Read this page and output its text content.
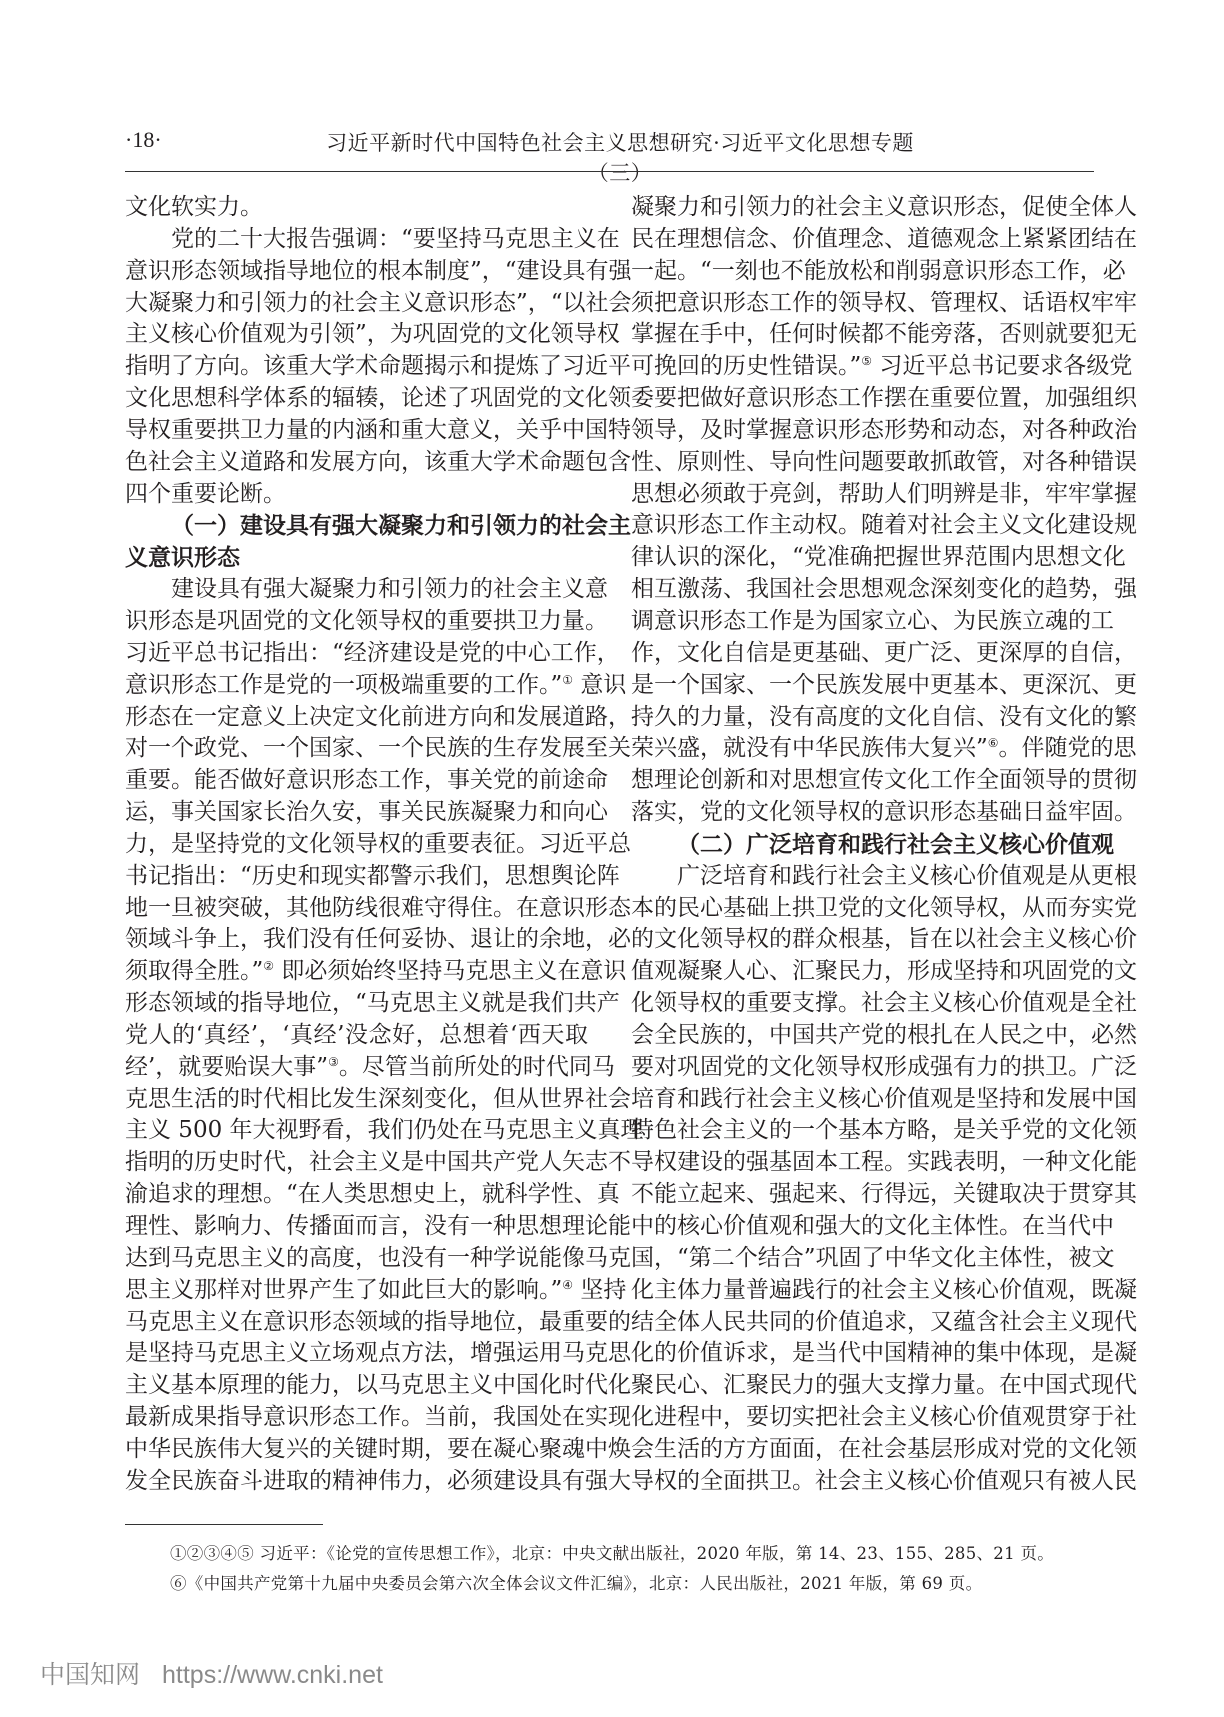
·18·	习近平新时代中国特色社会主义思想研究·习近平文化思想专题（三）
文化软实力。
党的二十大报告强调：“要坚持马克思主义在
意识形态领域指导地位的根本制度”，“建设具有强
大凝聚力和引领力的社会主义意识形态”，“以社会
主义核心价值观为引领”，为巩固党的文化领导权
指明了方向。该重大学术命题揭示和提炼了习近平
文化思想科学体系的辐辏，论述了巩固党的文化领
导权重要拱卫力量的内涵和重大意义，关乎中国特
色社会主义道路和发展方向，该重大学术命题包含
四个重要论断。
（一）建设具有强大凝聚力和引领力的社会主
义意识形态
建设具有强大凝聚力和引领力的社会主义意
识形态是巩固党的文化领导权的重要拱卫力量。
习近平总书记指出：“经济建设是党的中心工作，
意识形态工作是党的一项极端重要的工作。”① 意识
形态在一定意义上决定文化前进方向和发展道路，
对一个政党、一个国家、一个民族的生存发展至关
重要。能否做好意识形态工作，事关党的前途命
运，事关国家长治久安，事关民族凝聚力和向心
力，是坚持党的文化领导权的重要表征。习近平总
书记指出：“历史和现实都警示我们，思想舆论阵
地一旦被突破，其他防线很难守得住。在意识形态
领域斗争上，我们没有任何妥协、退让的余地，必
须取得全胜。”② 即必须始终坚持马克思主义在意识
形态领域的指导地位，“马克思主义就是我们共产
党人的‘真经’，‘真经’没念好，总想着‘西天取
经’，就要贻误大事”③。尽管当前所处的时代同马
克思生活的时代相比发生深刻变化，但从世界社会
主义 500 年大视野看，我们仍处在马克思主义真理
指明的历史时代，社会主义是中国共产党人矢志不
渝追求的理想。“在人类思想史上，就科学性、真
理性、影响力、传播面而言，没有一种思想理论能
达到马克思主义的高度，也没有一种学说能像马克
思主义那样对世界产生了如此巨大的影响。”④ 坚持
马克思主义在意识形态领域的指导地位，最重要的
是坚持马克思主义立场观点方法，增强运用马克思
主义基本原理的能力，以马克思主义中国化时代化
最新成果指导意识形态工作。当前，我国处在实现
中华民族伟大复兴的关键时期，要在凝心聚魂中焕
发全民族奋斗进取的精神伟力，必须建设具有强大
凝聚力和引领力的社会主义意识形态，促使全体人
民在理想信念、价值理念、道德观念上紧紧团结在
一起。“一刻也不能放松和削弱意识形态工作，必
须把意识形态工作的领导权、管理权、话语权牢牢
掌握在手中，任何时候都不能旁落，否则就要犯无
可挽回的历史性错误。”⑤ 习近平总书记要求各级党
委要把做好意识形态工作摆在重要位置，加强组织
领导，及时掌握意识形态形势和动态，对各种政治
性、原则性、导向性问题要敢抓敢管，对各种错误
思想必须敢于亮剑，帮助人们明辨是非，牢牢掌握
意识形态工作主动权。随着对社会主义文化建设规
律认识的深化，“党准确把握世界范围内思想文化
相互激荡、我国社会思想观念深刻变化的趋势，强
调意识形态工作是为国家立心、为民族立魂的工
作，文化自信是更基础、更广泛、更深厚的自信，
是一个国家、一个民族发展中更基本、更深沉、更
持久的力量，没有高度的文化自信、没有文化的繁
荣兴盛，就没有中华民族伟大复兴”⑥。伴随党的思
想理论创新和对思想宣传文化工作全面领导的贯彻
落实，党的文化领导权的意识形态基础日益牢固。
（二）广泛培育和践行社会主义核心价值观
广泛培育和践行社会主义核心价值观是从更根
本的民心基础上拱卫党的文化领导权，从而夯实党
的文化领导权的群众根基，旨在以社会主义核心价
值观凝聚人心、汇聚民力，形成坚持和巩固党的文
化领导权的重要支撑。社会主义核心价值观是全社
会全民族的，中国共产党的根扎在人民之中，必然
要对巩固党的文化领导权形成强有力的拱卫。广泛
培育和践行社会主义核心价值观是坚持和发展中国
特色社会主义的一个基本方略，是关乎党的文化领
导权建设的强基固本工程。实践表明，一种文化能
不能立起来、强起来、行得远，关键取决于贯穿其
中的核心价值观和强大的文化主体性。在当代中
国，“第二个结合”巩固了中华文化主体性，被文
化主体力量普遍践行的社会主义核心价值观，既凝
结全体人民共同的价值追求，又蕴含社会主义现代
化的价值诉求，是当代中国精神的集中体现，是凝
聚民心、汇聚民力的强大支撑力量。在中国式现代
化进程中，要切实把社会主义核心价值观贯穿于社
会生活的方方面面，在社会基层形成对党的文化领
导权的全面拱卫。社会主义核心价值观只有被人民
①②③④⑤ 习近平：《论党的宣传思想工作》，北京：中央文献出版社，2020 年版，第 14、23、155、285、21 页。
⑥《中国共产党第十九届中央委员会第六次全体会议文件汇编》，北京：人民出版社，2021 年版，第 69 页。
中国知网 https://www.cnki.net
